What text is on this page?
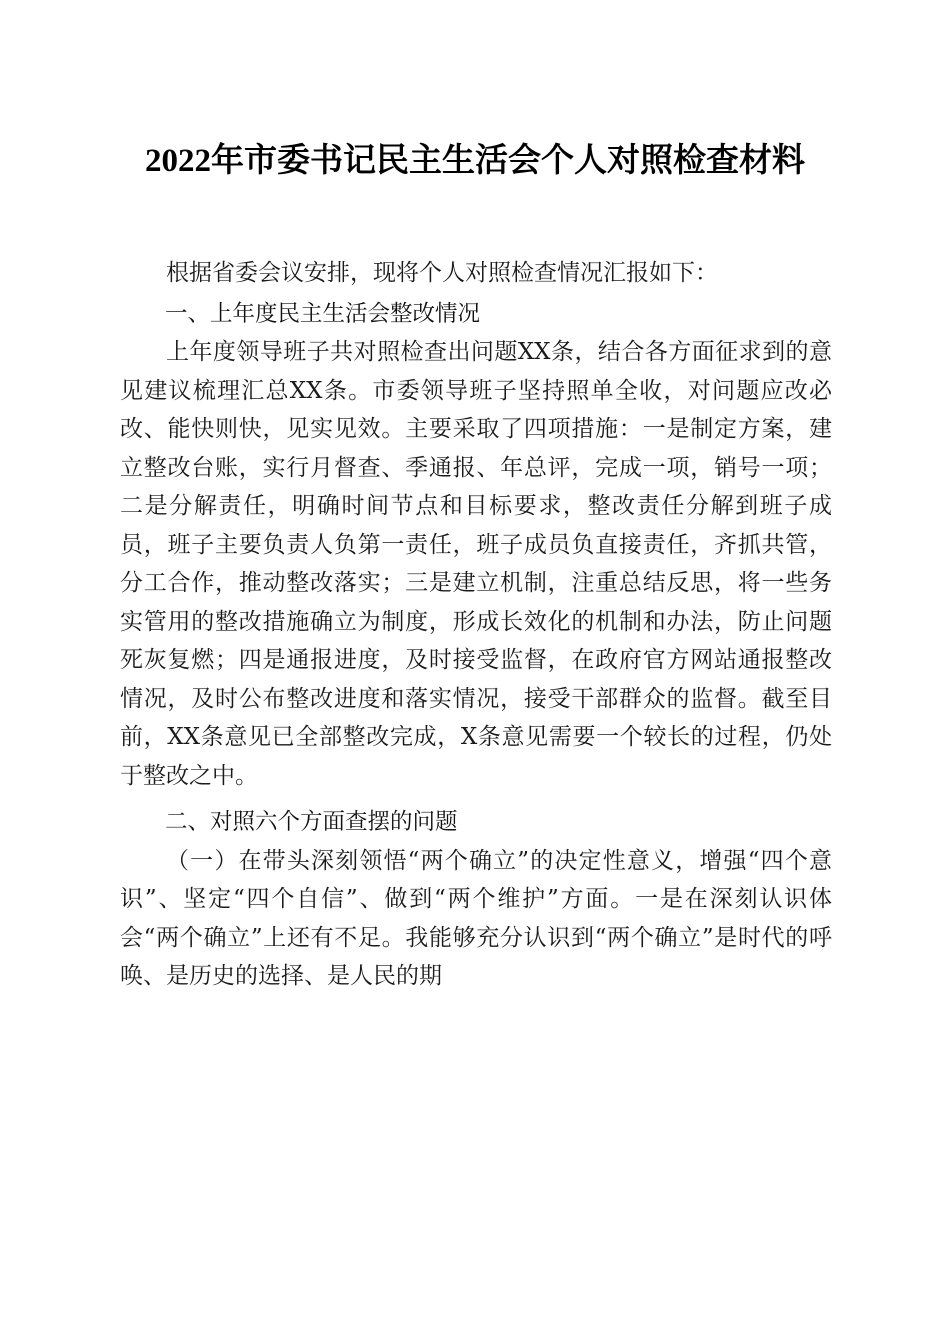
2022年市委书记民主生活会个人对照检查材料

根据省委会议安排，现将个人对照检查情况汇报如下：

一、上年度民主生活会整改情况

上年度领导班子共对照检查出问题XX条，结合各方面征求到的意见建议梳理汇总XX条。市委领导班子坚持照单全收，对问题应改必改、能快则快，见实见效。主要采取了四项措施：一是制定方案，建立整改台账，实行月督查、季通报、年总评，完成一项，销号一项；二是分解责任，明确时间节点和目标要求，整改责任分解到班子成员，班子主要负责人负第一责任，班子成员负直接责任，齐抓共管，分工合作，推动整改落实；三是建立机制，注重总结反思，将一些务实管用的整改措施确立为制度，形成长效化的机制和办法，防止问题死灰复燃；四是通报进度，及时接受监督，在政府官方网站通报整改情况，及时公布整改进度和落实情况，接受干部群众的监督。截至目前，XX条意见已全部整改完成，X条意见需要一个较长的过程，仍处于整改之中。

二、对照六个方面查摆的问题

（一）在带头深刻领悟“两个确立”的决定性意义，增强“四个意识”、坚定“四个自信”、做到“两个维护”方面。一是在深刻认识体会“两个确立”上还有不足。我能够充分认识到“两个确立”是时代的呼唤、是历史的选择、是人民的期
